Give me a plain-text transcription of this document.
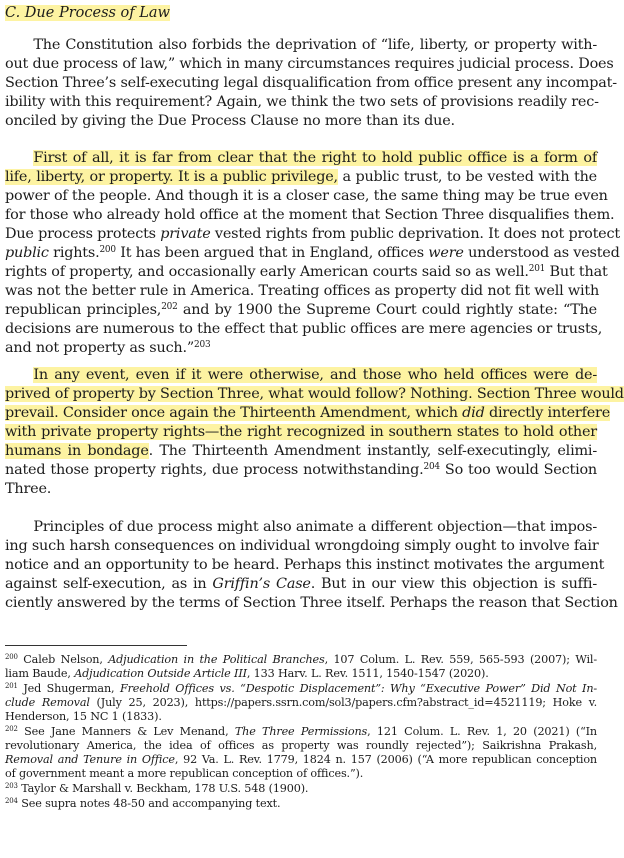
C. Due Process of Law
  The Constitution also forbids the deprivation of “life, liberty, or property with-
out due process of law,” which in many circumstances requires judicial process. Does
Section Three’s self-executing legal disqualification from office present any incompat-
ibility with this requirement? Again, we think the two sets of provisions readily rec-
onciled by giving the Due Process Clause no more than its due.
  First of all, it is far from clear that the right to hold public office is a form of
life, liberty, or property. It is a public privilege, a public trust, to be vested with the
power of the people. And though it is a closer case, the same thing may be true even
for those who already hold office at the moment that Section Three disqualifies them.
Due process protects private vested rights from public deprivation. It does not protect
public rights.$^{200}$ It has been argued that in England, offices were understood as vested
rights of property, and occasionally early American courts said so as well.$^{201}$ But that
was not the better rule in America. Treating offices as property did not fit well with
republican principles,$^{202}$ and by 1900 the Supreme Court could rightly state: “The
decisions are numerous to the effect that public offices are mere agencies or trusts,
and not property as such.”$^{203}$
  In any event, even if it were otherwise, and those who held offices were de-
prived of property by Section Three, what would follow? Nothing. Section Three would
prevail. Consider once again the Thirteenth Amendment, which did directly interfere
with private property rights—the right recognized in southern states to hold other
humans in bondage. The Thirteenth Amendment instantly, self-executingly, elimi-
nated those property rights, due process notwithstanding.$^{204}$ So too would Section
Three.
  Principles of due process might also animate a different objection—that impos-
ing such harsh consequences on individual wrongdoing simply ought to involve fair
notice and an opportunity to be heard. Perhaps this instinct motivates the argument
against self-execution, as in Griffin’s Case. But in our view this objection is suffi-
ciently answered by the terms of Section Three itself. Perhaps the reason that Section
$^{200}$ Caleb Nelson, Adjudication in the Political Branches, 107 Colum. L. Rev. 559, 565-593 (2007); Wil-
liam Baude, Adjudication Outside Article III, 133 Harv. L. Rev. 1511, 1540-1547 (2020).
$^{201}$ Jed Shugerman, Freehold Offices vs. “Despotic Displacement”: Why “Executive Power” Did Not In-
clude Removal (July 25, 2023), https://papers.ssrn.com/sol3/papers.cfm?abstract_id=4521119; Hoke v.
Henderson, 15 NC 1 (1833).
$^{202}$ See Jane Manners & Lev Menand, The Three Permissions, 121 Colum. L. Rev. 1, 20 (2021) (“In
revolutionary America, the idea of offices as property was roundly rejected”); Saikrishna Prakash,
Removal and Tenure in Office, 92 Va. L. Rev. 1779, 1824 n. 157 (2006) (“A more republican conception
of government meant a more republican conception of offices.”).
$^{203}$ Taylor & Marshall v. Beckham, 178 U.S. 548 (1900).
$^{204}$ See supra notes 48-50 and accompanying text.
